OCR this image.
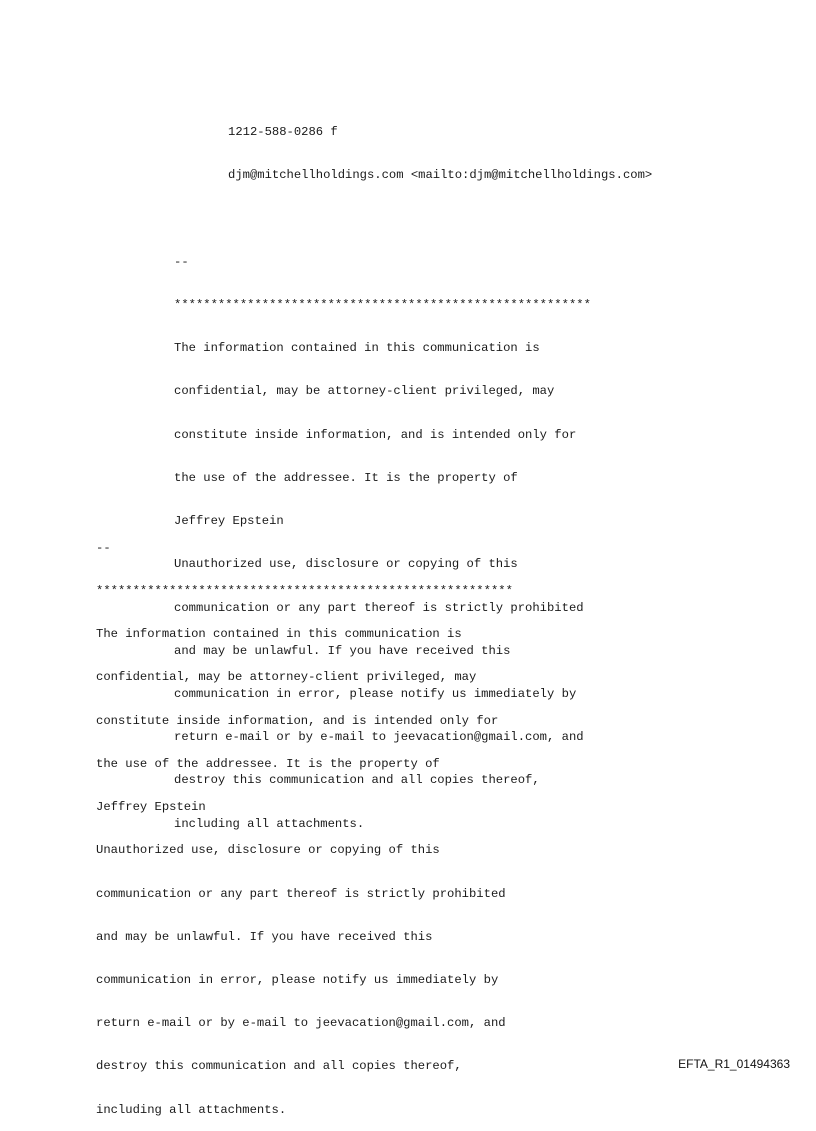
1212-588-0286 f

djm@mitchellholdings.com <mailto:djm@mitchellholdings.com>

--

*********************************************************

The information contained in this communication is

confidential, may be attorney-client privileged, may

constitute inside information, and is intended only for

the use of the addressee. It is the property of

Jeffrey Epstein

Unauthorized use, disclosure or copying of this

communication or any part thereof is strictly prohibited

and may be unlawful. If you have received this

communication in error, please notify us immediately by

return e-mail or by e-mail to jeevacation@gmail.com, and

destroy this communication and all copies thereof,

including all attachments.

--

*********************************************************

The information contained in this communication is

confidential, may be attorney-client privileged, may

constitute inside information, and is intended only for

the use of the addressee. It is the property of

Jeffrey Epstein

Unauthorized use, disclosure or copying of this

communication or any part thereof is strictly prohibited

and may be unlawful. If you have received this

communication in error, please notify us immediately by

return e-mail or by e-mail to jeevacation@gmail.com, and

destroy this communication and all copies thereof,

including all attachments.

EFTA_R1_01494363
